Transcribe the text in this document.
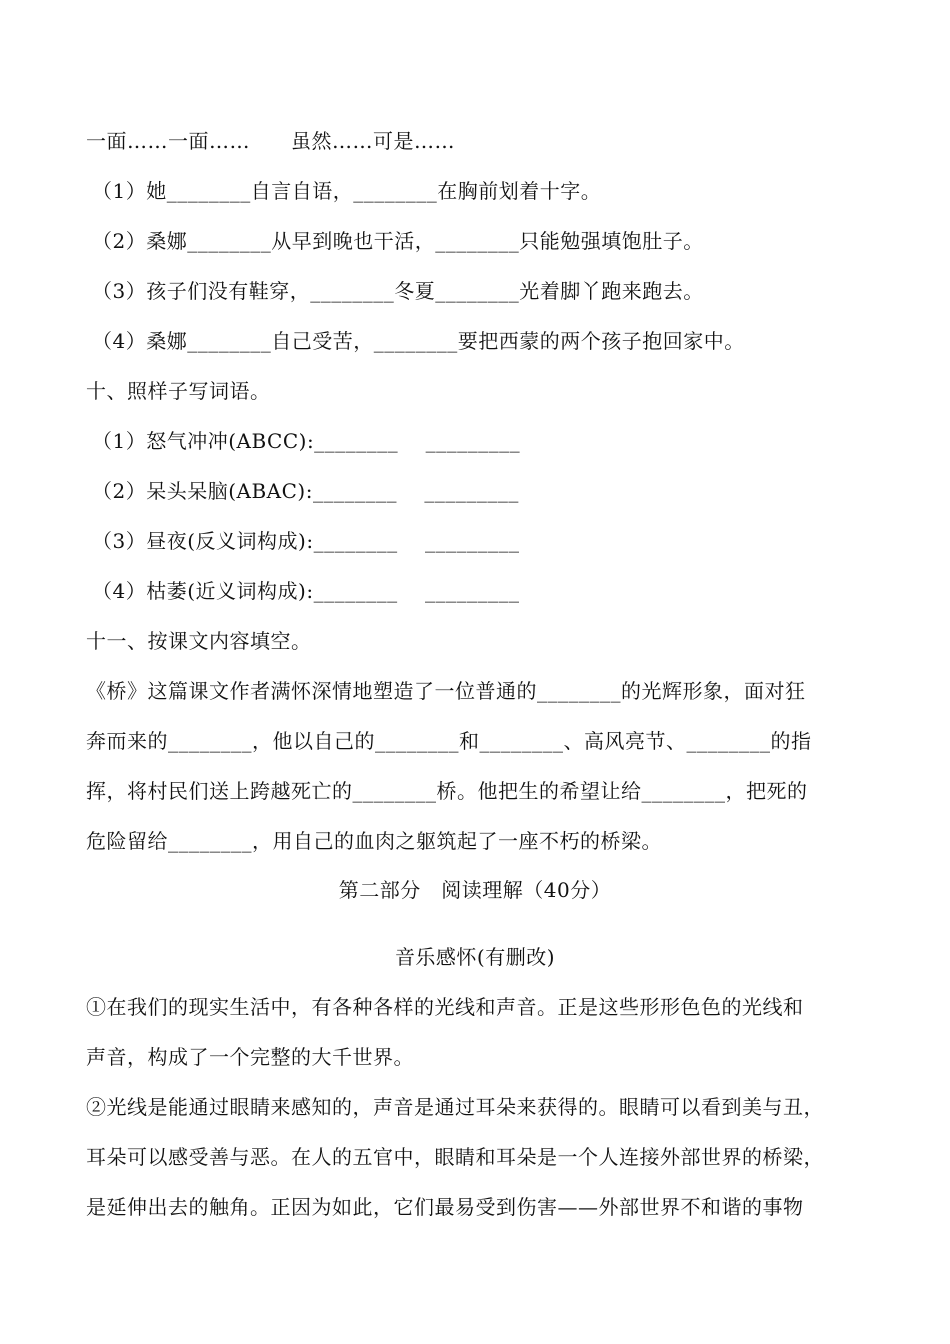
一面……一面……　　虽然……可是……
（1）她________自言自语，________在胸前划着十字。
（2）桑娜________从早到晚也干活，________只能勉强填饱肚子。
（3）孩子们没有鞋穿，________冬夏________光着脚丫跑来跑去。
（4）桑娜________自己受苦，________要把西蒙的两个孩子抱回家中。
十、照样子写词语。
（1）怒气冲冲(ABCC):________    _________
（2）呆头呆脑(ABAC):________    _________
（3）昼夜(反义词构成):________    _________
（4）枯萎(近义词构成):________    _________
十一、按课文内容填空。
《桥》这篇课文作者满怀深情地塑造了一位普通的________的光辉形象，面对狂
奔而来的________，他以自己的________和________、高风亮节、________的指
挥，将村民们送上跨越死亡的________桥。他把生的希望让给________，把死的
危险留给________，用自己的血肉之躯筑起了一座不朽的桥梁。
第二部分　阅读理解（40分）
音乐感怀(有删改)
①在我们的现实生活中，有各种各样的光线和声音。正是这些形形色色的光线和
声音，构成了一个完整的大千世界。
②光线是能通过眼睛来感知的，声音是通过耳朵来获得的。眼睛可以看到美与丑，
耳朵可以感受善与恶。在人的五官中，眼睛和耳朵是一个人连接外部世界的桥梁，
是延伸出去的触角。正因为如此，它们最易受到伤害——外部世界不和谐的事物
